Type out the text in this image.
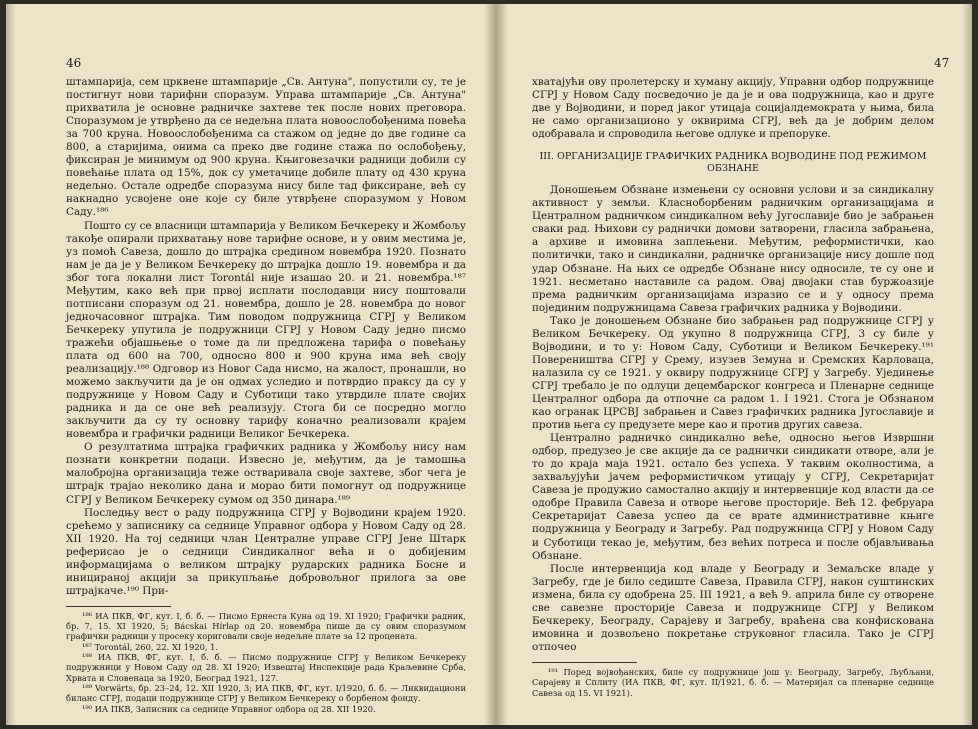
46

штампарија, сем црквене штампарије „Св. Антуна", попустили су, те је постигнут нови тарифни споразум. Управа штампарије „Св. Антуна" прихватила је основне радничке захтеве тек после нових преговора. Споразумом је утврђено да се недељна плата новоослобођенима повећа за 700 круна. Новоослобођенима са стажом од једне до две године са 800, а старијима, онима са преко две године стажа по ослобођењу, фиксиран је минимум од 900 круна. Књиговезачки радници добили су повећање плата од 15%, док су уметачице добиле плату од 430 круна недељно. Остале одредбе споразума нису биле тад фиксиране, већ су накнадно усвојене оне које су биле утврђене споразумом у Новом Саду.¹⁸⁶

Пошто су се власници штампарија у Великом Бечкереку и Жомбољу такође опирали прихватању нове тарифне основе, и у овим местима је, уз помоћ Савеза, дошло до штрајка средином новембра 1920. Познато нам је да је у Великом Бечкереку до штрајка дошло 19. новембра и да због тога локални лист Torontál није изашао 20. и 21. новембра.¹⁸⁷ Међутим, како већ при првој исплати послодавци нису поштовали потписани споразум од 21. новембра, дошло је 28. новембра до новог једночасовног штрајка. Тим поводом подружница СГРЈ у Великом Бечкереку упутила је подружници СГРЈ у Новом Саду једно писмо тражећи објашњење о томе да ли предложена тарифа о повећању плата од 600 на 700, односно 800 и 900 круна има већ своју реализацију.¹⁸⁸ Одговор из Новог Сада нисмо, на жалост, пронашли, но можемо закључити да је он одмах уследио и потврдио праксу да су у подружнице у Новом Саду и Суботици тако утврдиле плате својих радника и да се оне већ реализују. Стога би се посредно могло закључити да су ту основну тарифу коначно реализовали крајем новембра и графички радници Великог Бечкерека.

О резултатима штрајка графичких радника у Жомбољу нису нам познати конкретни подаци. Извесно је, међутим, да је тамошња малобројна организација теже остваривала своје захтеве, због чега је штрајк трајао неколико дана и морао бити помогнут од подружнице СГРЈ у Великом Бечкереку сумом од 350 динара.¹⁸⁹

Последњу вест о раду подружница СГРЈ у Војводини крајем 1920. срећемо у записнику са седнице Управног одбора у Новом Саду од 28. XII 1920. На тој седници члан Централне управе СГРЈ Јене Штарк реферисао је о седници Синдикалног већа и о добијеним информацијама о великом штрајку рударских радника Босне и иницираној акцији за прикупљање добровољног прилога за ове штрајкаче.¹⁹⁰ При-

¹⁸⁶ ИА ПКВ, ФГ, кут. I, б. б. — Писмо Ернеста Куна од 19. XI 1920; Графички радник, бр. 7, 15. XI 1920, 5; Bácskai Hírlap од 20. новембра пише да су овим споразумом графички радници у просеку кориговали своје недељне плате за 12 процената.

¹⁸⁷ Torontál, 260, 22. XI 1920, 1.

¹⁸⁸ ИА ПКВ, ФГ, кут. I, б. б. — Писмо подружнице СГРЈ у Великом Бечкереку подружници у Новом Саду од 28. XI 1920; Извештај Инспекције рада Краљевине Срба, Хрвата и Словенаца за 1920, Београд 1921, 127.

¹⁸⁹ Vorwärts, бр. 23–24, 12. XII 1920, 3; ИА ПКВ, ФГ, кут. I/1920, б. б. — Ликвидациони биланс СГРЈ, подаци подружнице СГРЈ у Великом Бечкереку о борбеном фонду.

¹⁹⁰ ИА ПКВ, Записник са седнице Управног одбора од 28. XII 1920.

47

хватајући ову пролетерску и хуману акцију, Управни одбор подружнице СГРЈ у Новом Саду посведочио је да је и ова подружница, као и друге две у Војводини, и поред јаког утицаја социјалдемократа у њима, била не само организационо у оквирима СГРЈ, већ да је добрим делом одобравала и спроводила његове одлуке и препоруке.

III. ОРГАНИЗАЦИЈЕ ГРАФИЧКИХ РАДНИКА ВОЈВОДИНЕ ПОД РЕЖИМОМ ОБЗНАНЕ

Доношењем Обзнане измењени су основни услови и за синдикалну активност у земљи. Класноборбеним радничким организацијама и Централном радничком синдикалном већу Југославије био је забрањен сваки рад. Њихови су раднички домови затворени, гласила забрањена, а архиве и имовина заплењени. Међутим, реформистички, као политички, тако и синдикални, радничке организације нису дошле под удар Обзнане. На њих се одредбе Обзнане нису односиле, те су оне и 1921. несметано наставиле са радом. Овај двојаки став буржоазије према радничким организацијама изразио се и у односу према појединим подружницама Савеза графичких радника у Војводини.

Тако је доношењем Обзнане био забрањен рад подружнице СГРЈ у Великом Бечкереку. Од укупно 8 подружница СГРЈ, 3 су биле у Војводини, и то у: Новом Саду, Суботици и Великом Бечкереку.¹⁹¹ Повереништва СГРЈ у Срему, изузев Земуна и Сремских Карловаца, налазила су се 1921. у оквиру подружнице СГРЈ у Загребу. Ујединење СГРЈ требало је по одлуци децембарског конгреса и Пленарне седнице Централног одбора да отпочне са радом 1. I 1921. Стога је Обзнаном као огранак ЦРСВЈ забрањен и Савез графичких радника Југославије и против њега су предузете мере као и против других савеза.

Централно радничко синдикално веће, односно његов Извршни одбор, предузео је све акције да се раднички синдикати отворе, али је то до краја маја 1921. остало без успеха. У таквим околностима, а захваљујући јачем реформистичком утицају у СГРЈ, Секретаријат Савеза је продужио самостално акцију и интервенције код власти да се одобре Правила Савеза и отворе његове просторије. Већ 12. фебруара Секретаријат Савеза успео да се врате административне књиге подружница у Београду и Загребу. Рад подружница СГРЈ у Новом Саду и Суботици текао је, међутим, без већих потреса и после објављивања Обзнане.

После интервенција код владе у Београду и Земаљске владе у Загребу, где је било седиште Савеза, Правила СГРЈ, након суштинских измена, била су одобрена 25. III 1921, а већ 9. априла биле су отворене све савезне просторије Савеза и подружнице СГРЈ у Великом Бечкереку, Београду, Сарајеву и Загребу, враћена сва конфискована имовина и дозвољено покретање струковног гласила. Тако је СГРЈ отпочео

¹⁹¹ Поред војвођанских, биле су подружнице још у: Београду, Загребу, Љубљани, Сарајеву и Сплиту (ИА ПКВ, ФГ, кут. II/1921, б. б. — Материјал са пленарне седнице Савеза од 15. VI 1921).
